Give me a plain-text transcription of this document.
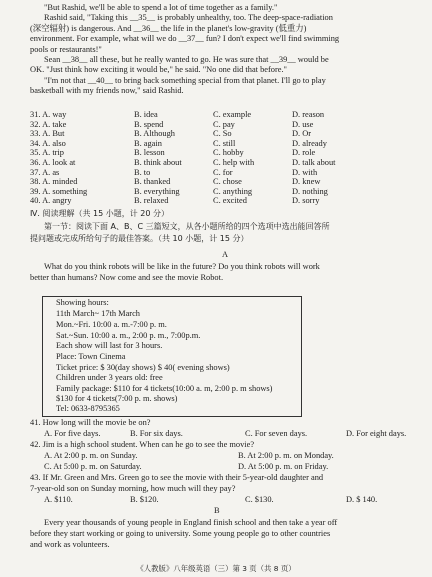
"But Rashid, we'll be able to spend a lot of time together as a family."

Rashid said, "Taking this __35__ is probably unhealthy, too. The deep-space-radiation

(深空辐射) is dangerous. And __36__ the life in the planet's low-gravity (低重力)

environment. For example, what will we do __37__ fun? I don't expect we'll find swimming

pools or restaurants!"

Sean __38__ all these, but he really wanted to go. He was sure that __39__ would be

OK. "Just think how exciting it would be," he said. "No one did that before."

"I'm not that __40__ to bring back something special from that planet. I'll go to play

basketball with my friends now," said Rashid.

31. A. way	B. idea	C. example	D. reason
32. A. take	B. spend	C. pay	D. use
33. A. But	B. Although	C. So	D. Or
34. A. also	B. again	C. still	D. already
35. A. trip	B. lesson	C. hobby	D. role
36. A. look at	B. think about	C. help with	D. talk about
37. A. as	B. to	C. for	D. with
38. A. minded	B. thanked	C. chose	D. knew
39. A. something	B. everything	C. anything	D. nothing
40. A. angry	B. relaxed	C. excited	D. sorry
Ⅳ. 阅读理解（共 15 小题，计 20 分）
第一节：阅读下面 A、B、C 三篇短文，从各小题所给的四个选项中选出能回答所
提问题或完成所给句子的最佳答案。（共 10 小题，计 15 分）
A
What do you think robots will be like in the future? Do you think robots will work
better than humans? Now come and see the movie Robot.
Showing hours:
11th March~ 17th March
Mon.~Fri. 10:00 a. m.-7:00 p. m.
Sat.~Sun. 10:00 a. m., 2:00 p. m., 7:00p.m.
Each show will last for 3 hours.
Place: Town Cinema
Ticket price: $ 30(day shows) $ 40( evening shows)
Children under 3 years old: free
Family package: $110 for 4 tickets(10:00 a. m, 2:00 p. m shows)
$130 for 4 tickets(7:00 p. m. shows)
Tel: 0633-8795365
41. How long will the movie be on?
A. For five days.	B. For six days.	C. For seven days.	D. For eight days.
42. Jim is a high school student. When can he go to see the movie?
A. At 2:00 p. m. on Sunday.	B. At 2:00 p. m. on Monday.
C. At 5:00 p. m. on Saturday.	D. At 5:00 p. m. on Friday.
43. If Mr. Green and Mrs. Green go to see the movie with their 5-year-old daughter and
7-year-old son on Sunday morning, how much will they pay?
A. $110.	B. $120.	C. $130.	D. $ 140.
B
Every year thousands of young people in England finish school and then take a year off
before they start working or going to university. Some young people go to other countries
and work as volunteers.
《人教版》八年级英语（三）第 3 页（共 8 页）
